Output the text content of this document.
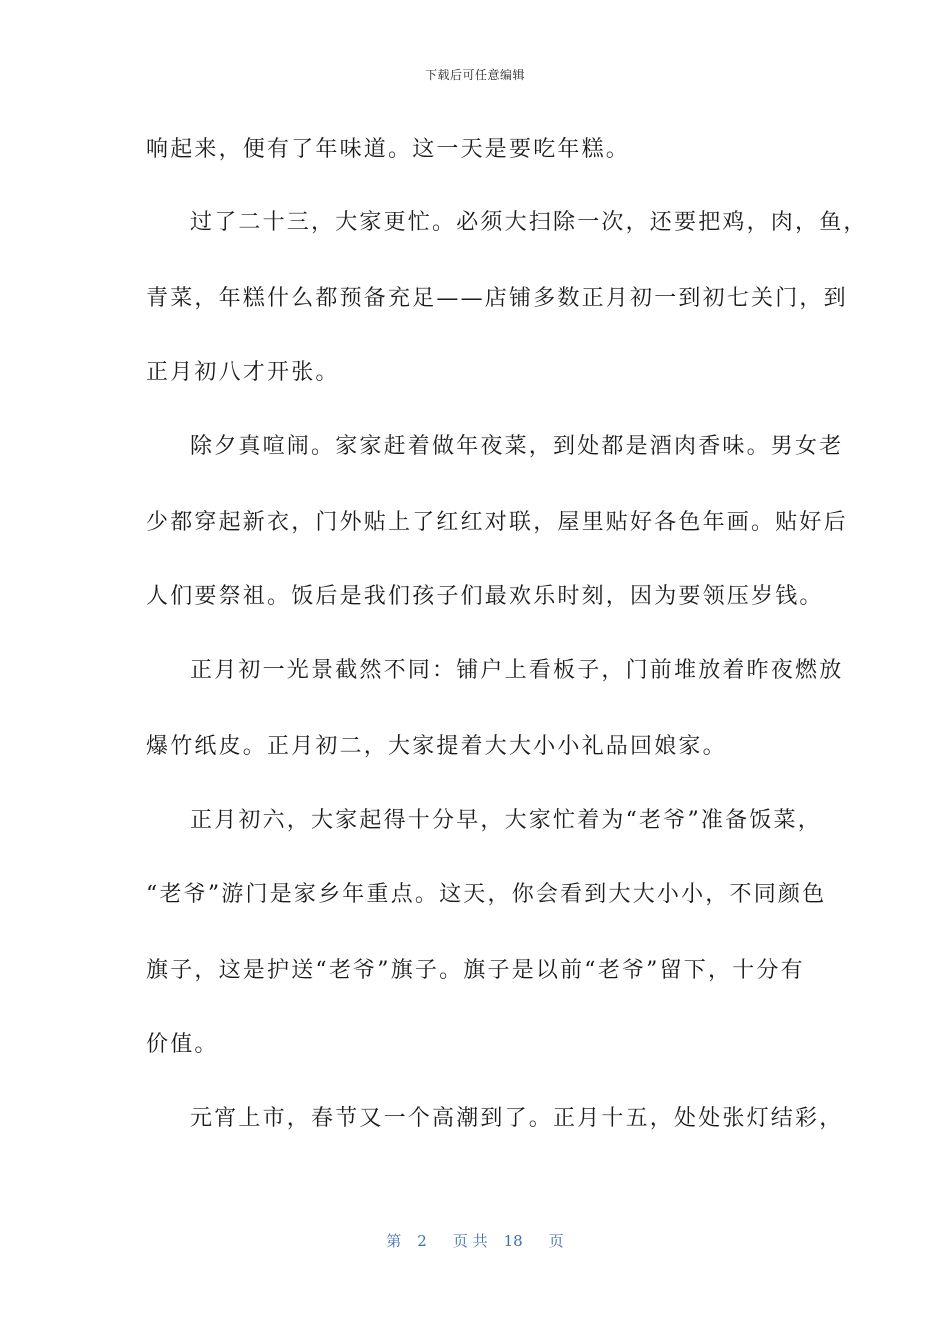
下载后可任意编辑
响起来，便有了年味道。这一天是要吃年糕。
过了二十三，大家更忙。必须大扫除一次，还要把鸡，肉，鱼，
青菜，年糕什么都预备充足——店铺多数正月初一到初七关门，到
正月初八才开张。
除夕真喧闹。家家赶着做年夜菜，到处都是酒肉香味。男女老
少都穿起新衣，门外贴上了红红对联，屋里贴好各色年画。贴好后
人们要祭祖。饭后是我们孩子们最欢乐时刻，因为要领压岁钱。
正月初一光景截然不同：铺户上看板子，门前堆放着昨夜燃放
爆竹纸皮。正月初二，大家提着大大小小礼品回娘家。
正月初六，大家起得十分早，大家忙着为“老爷”准备饭菜，
“老爷”游门是家乡年重点。这天，你会看到大大小小，不同颜色
旗子，这是护送“老爷”旗子。旗子是以前“老爷”留下，十分有
价值。
元宵上市，春节又一个高潮到了。正月十五，处处张灯结彩，
第 2 页 共 18 页
